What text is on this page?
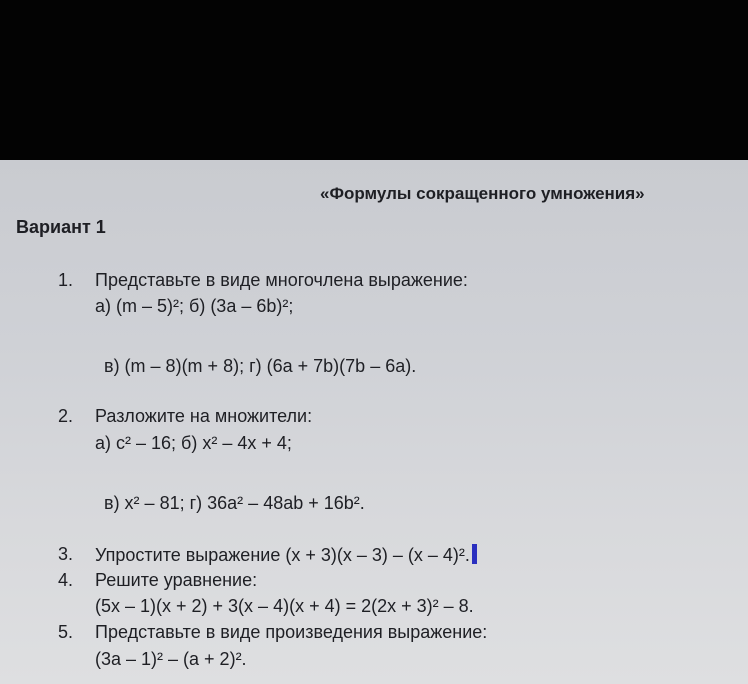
«Формулы сокращенного умножения»
Вариант 1
1. Представьте в виде многочлена выражение:
а) (m – 5)²; б) (3a – 6b)²;
в) (m – 8)(m + 8); г) (6a + 7b)(7b – 6a).
2. Разложите на множители:
а) c² – 16; б) x² – 4x + 4;
в) x² – 81; г) 36a² – 48ab + 16b².
3. Упростите выражение (x + 3)(x – 3) – (x – 4)².
4. Решите уравнение:
(5x – 1)(x + 2) + 3(x – 4)(x + 4) = 2(2x + 3)² – 8.
5. Представьте в виде произведения выражение:
(3a – 1)² – (a + 2)².
